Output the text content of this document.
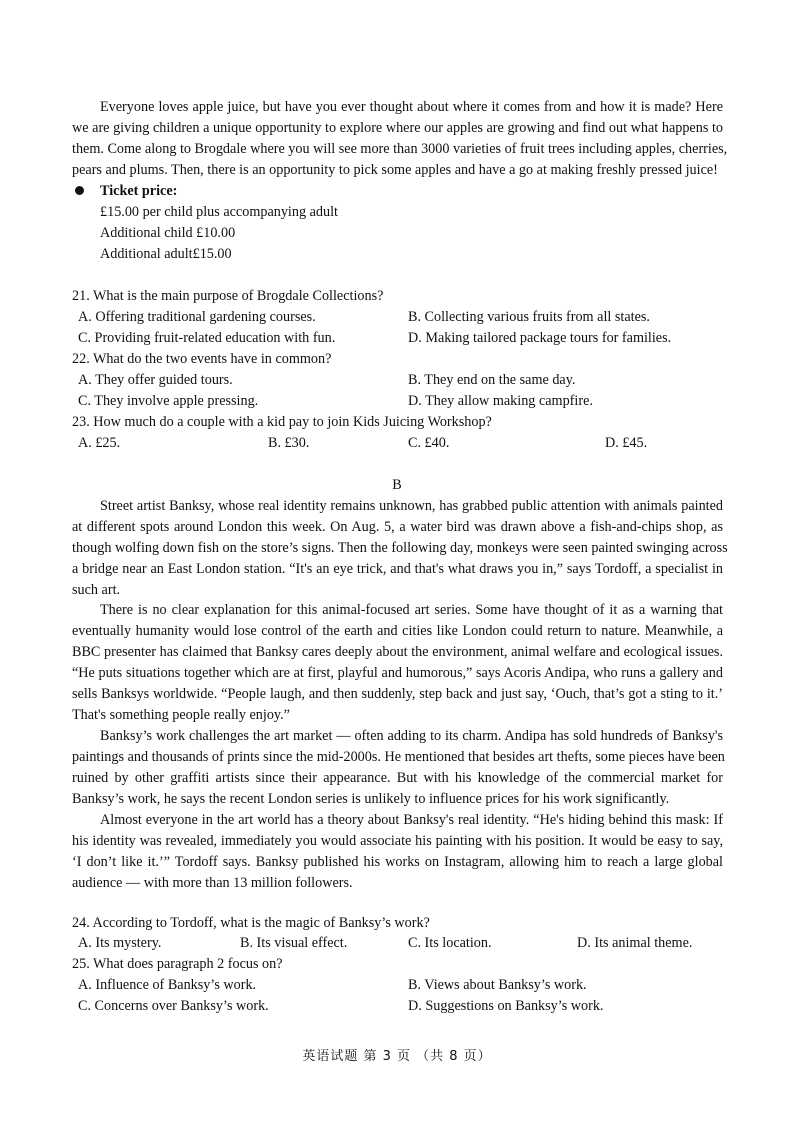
Everyone loves apple juice, but have you ever thought about where it comes from and how it is made? Here
we are giving children a unique opportunity to explore where our apples are growing and find out what happens to
them. Come along to Brogdale where you will see more than 3000 varieties of fruit trees including apples, cherries,
pears and plums. Then, there is an opportunity to pick some apples and have a go at making freshly pressed juice!
Ticket price:
£15.00 per child plus accompanying adult
Additional child £10.00
Additional adult£15.00
21. What is the main purpose of Brogdale Collections?
A. Offering traditional gardening courses.	B. Collecting various fruits from all states.
C. Providing fruit-related education with fun.	D. Making tailored package tours for families.
22. What do the two events have in common?
A. They offer guided tours.	B. They end on the same day.
C. They involve apple pressing.	D. They allow making campfire.
23. How much do a couple with a kid pay to join Kids Juicing Workshop?
A. £25.	B. £30.	C. £40.	D. £45.
B
Street artist Banksy, whose real identity remains unknown, has grabbed public attention with animals painted
at different spots around London this week. On Aug. 5, a water bird was drawn above a fish-and-chips shop, as
though wolfing down fish on the store’s signs. Then the following day, monkeys were seen painted swinging across
a bridge near an East London station. “It's an eye trick, and that's what draws you in,” says Tordoff, a specialist in
such art.
There is no clear explanation for this animal-focused art series. Some have thought of it as a warning that
eventually humanity would lose control of the earth and cities like London could return to nature. Meanwhile, a
BBC presenter has claimed that Banksy cares deeply about the environment, animal welfare and ecological issues.
“He puts situations together which are at first, playful and humorous,” says Acoris Andipa, who runs a gallery and
sells Banksys worldwide. “People laugh, and then suddenly, step back and just say, ‘Ouch, that’s got a sting to it.’
That's something people really enjoy.”
Banksy’s work challenges the art market — often adding to its charm. Andipa has sold hundreds of Banksy's
paintings and thousands of prints since the mid-2000s. He mentioned that besides art thefts, some pieces have been
ruined by other graffiti artists since their appearance. But with his knowledge of the commercial market for
Banksy’s work, he says the recent London series is unlikely to influence prices for his work significantly.
Almost everyone in the art world has a theory about Banksy's real identity. “He's hiding behind this mask: If
his identity was revealed, immediately you would associate his painting with his position. It would be easy to say,
‘I don’t like it.’” Tordoff says. Banksy published his works on Instagram, allowing him to reach a large global
audience — with more than 13 million followers.
24. According to Tordoff, what is the magic of Banksy’s work?
A. Its mystery.	B. Its visual effect.	C. Its location.	D. Its animal theme.
25. What does paragraph 2 focus on?
A. Influence of Banksy’s work.	B. Views about Banksy’s work.
C. Concerns over Banksy’s work.	D. Suggestions on Banksy’s work.
英语试题 第 3 页 （共 8 页）
